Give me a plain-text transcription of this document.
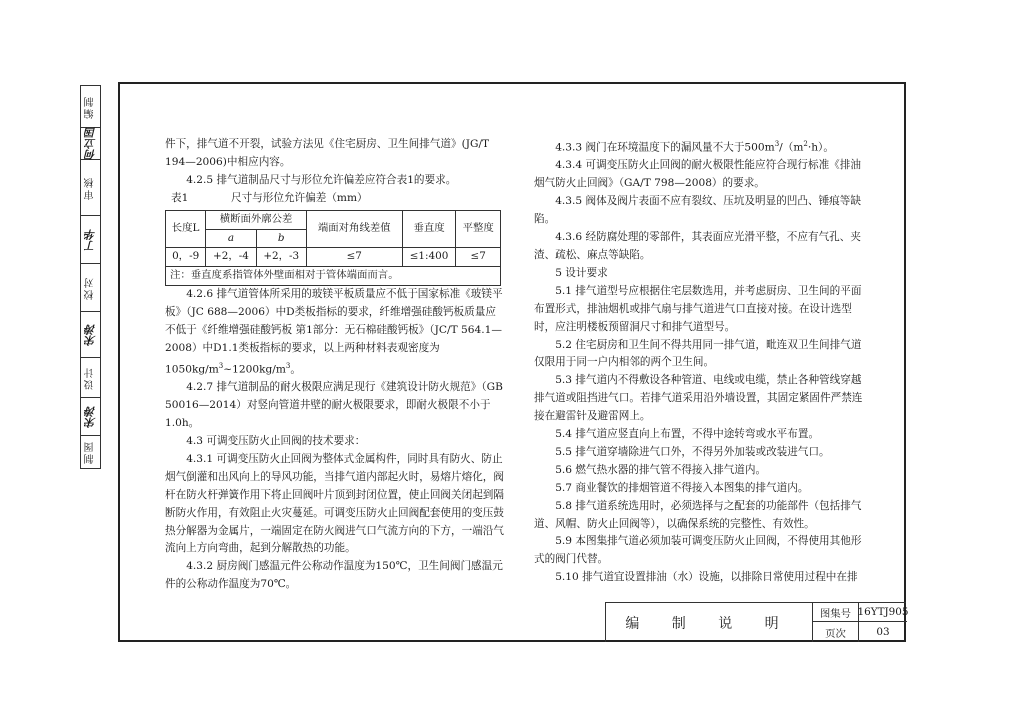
编制
何立国
审核
丁华
校对
宋涛
设计
宋涛
制图

件下，排气道不开裂，试验方法见《住宅厨房、卫生间排气道》(JG/T

194—2006)中相应内容。

4.2.5 排气道制品尺寸与形位允许偏差应符合表1的要求。

表1	尺寸与形位允许偏差（mm）
长度L	横断面外廓公差		端面对角线差值	垂直度	平整度
	a	b			
0，-9	+2，-4	+2，-3	≤7	≤1:400	≤7
注：垂直度系指管体外壁面相对于管体端面而言。					

4.2.6 排气道管体所采用的玻镁平板质量应不低于国家标准《玻镁平板》（JC 688—2006）中D类板指标的要求，纤维增强硅酸钙板质量应不低于《纤维增强硅酸钙板 第1部分：无石棉硅酸钙板》（JC/T 564.1—2008）中D1.1类板指标的要求，以上两种材料表观密度为$1050kg/m^3\sim 1200kg/m^3$。

4.2.7 排气道制品的耐火极限应满足现行《建筑设计防火规范》（GB 50016—2014）对竖向管道井壁的耐火极限要求，即耐火极限不小于1.0h。

4.3 可调变压防火止回阀的技术要求：

4.3.1 可调变压防火止回阀为整体式金属构件，同时具有防火、防止烟气倒灌和出风向上的导风功能，当排气道内部起火时，易熔片熔化，阀杆在防火杆弹簧作用下将止回阀叶片顶到封闭位置，使止回阀关闭起到隔断防火作用，有效阻止火灾蔓延。可调变压防火止回阀配套使用的变压鼓热分解器为金属片，一端固定在防火阀进气口气流方向的下方，一端沿气流向上方向弯曲，起到分解散热的功能。

4.3.2 厨房阀门感温元件公称动作温度为150℃，卫生间阀门感温元件的公称动作温度为70℃。

4.3.3 阀门在环境温度下的漏风量不大于$500m^3/(m^2\cdot h)$。

4.3.4 可调变压防火止回阀的耐火极限性能应符合现行标准《排油烟气防火止回阀》（GA/T 798—2008）的要求。

4.3.5 阀体及阀片表面不应有裂纹、压坑及明显的凹凸、锤痕等缺陷。

4.3.6 经防腐处理的零部件，其表面应光滑平整，不应有气孔、夹渣、疏松、麻点等缺陷。

5 设计要求

5.1 排气道型号应根据住宅层数选用，并考虑厨房、卫生间的平面布置形式，排油烟机或排气扇与排气道进气口直接对接。在设计选型时，应注明楼板预留洞尺寸和排气道型号。

5.2 住宅厨房和卫生间不得共用同一排气道，毗连双卫生间排气道仅限用于同一户内相邻的两个卫生间。

5.3 排气道内不得敷设各种管道、电线或电缆，禁止各种管线穿越排气道或阻挡进气口。若排气道采用沿外墙设置，其固定紧固件严禁连接在避雷针及避雷网上。

5.4 排气道应竖直向上布置，不得中途转弯或水平布置。

5.5 排气道穿墙除进气口外，不得另外加装或改装进气口。

5.6 燃气热水器的排气管不得接入排气道内。

5.7 商业餐饮的排烟管道不得接入本图集的排气道内。

5.8 排气道系统选用时，必须选择与之配套的功能部件（包括排气道、风帽、防火止回阀等），以确保系统的完整性、有效性。

5.9 本图集排气道必须加装可调变压防火止回阀，不得使用其他形式的阀门代替。

5.10 排气道宜设置排油（水）设施，以排除日常使用过程中在排

编 制 说 明
图集号 16YTJ905
页次	03
